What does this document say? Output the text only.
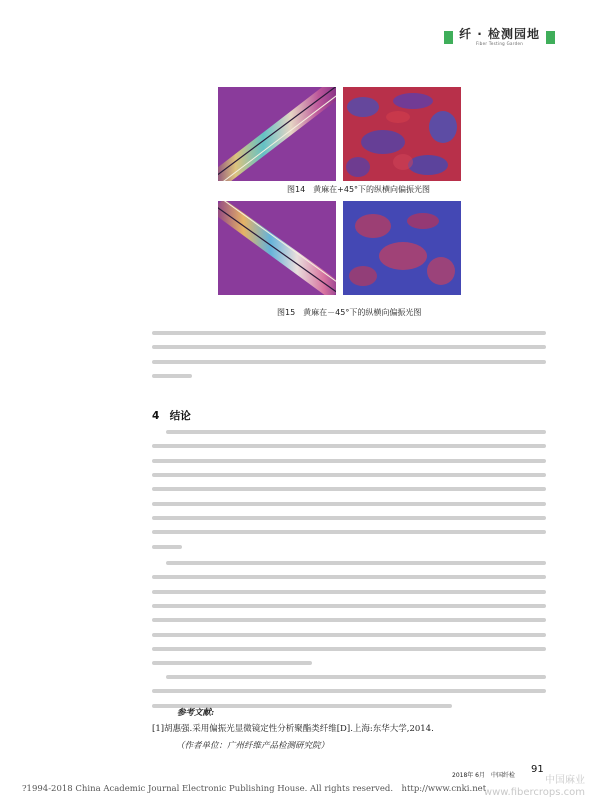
纤 · 检测园地
Fiber Testing Garden
图14　黄麻在+45°下的纵横向偏振光图
图15　黄麻在－45°下的纵横向偏振光图
4　结论
参考文献:
[1]胡惠强.采用偏振光显微镜定性分析聚酯类纤维[D].上海:东华大学,2014.
（作者单位：广州纤维产品检测研究院）
2018年 6月　中国纤检
91
?1994-2018 China Academic Journal Electronic Publishing House. All rights reserved.　http://www.cnki.net
中国麻业
www.fibercrops.com
